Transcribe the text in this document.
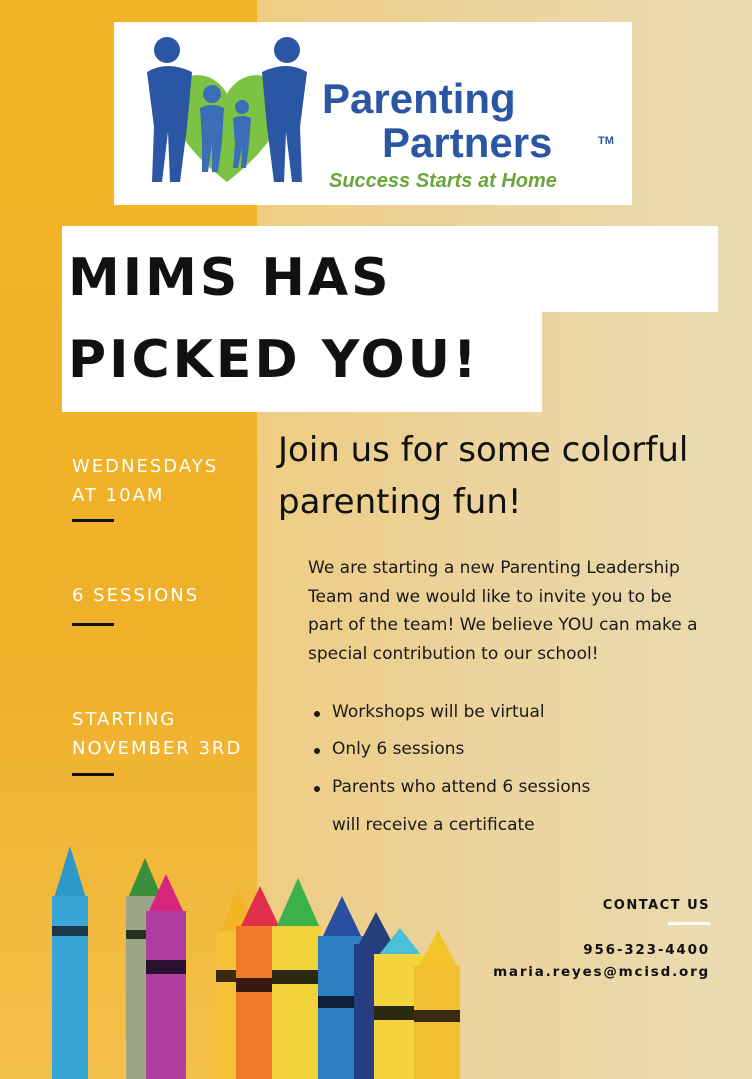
Parenting
Partners	TM
Success Starts at Home
MIMS HAS
PICKED YOU!
WEDNESDAYS
AT 10AM
6 SESSIONS
STARTING
NOVEMBER 3RD
Join us for some colorful parenting fun!
We are starting a new Parenting Leadership Team and we would like to invite you to be part of the team! We believe YOU can make a special contribution to our school!
Workshops will be virtual
Only 6 sessions
Parents who attend 6 sessions
will receive a certificate
CONTACT US
956-323-4400
maria.reyes@mcisd.org
